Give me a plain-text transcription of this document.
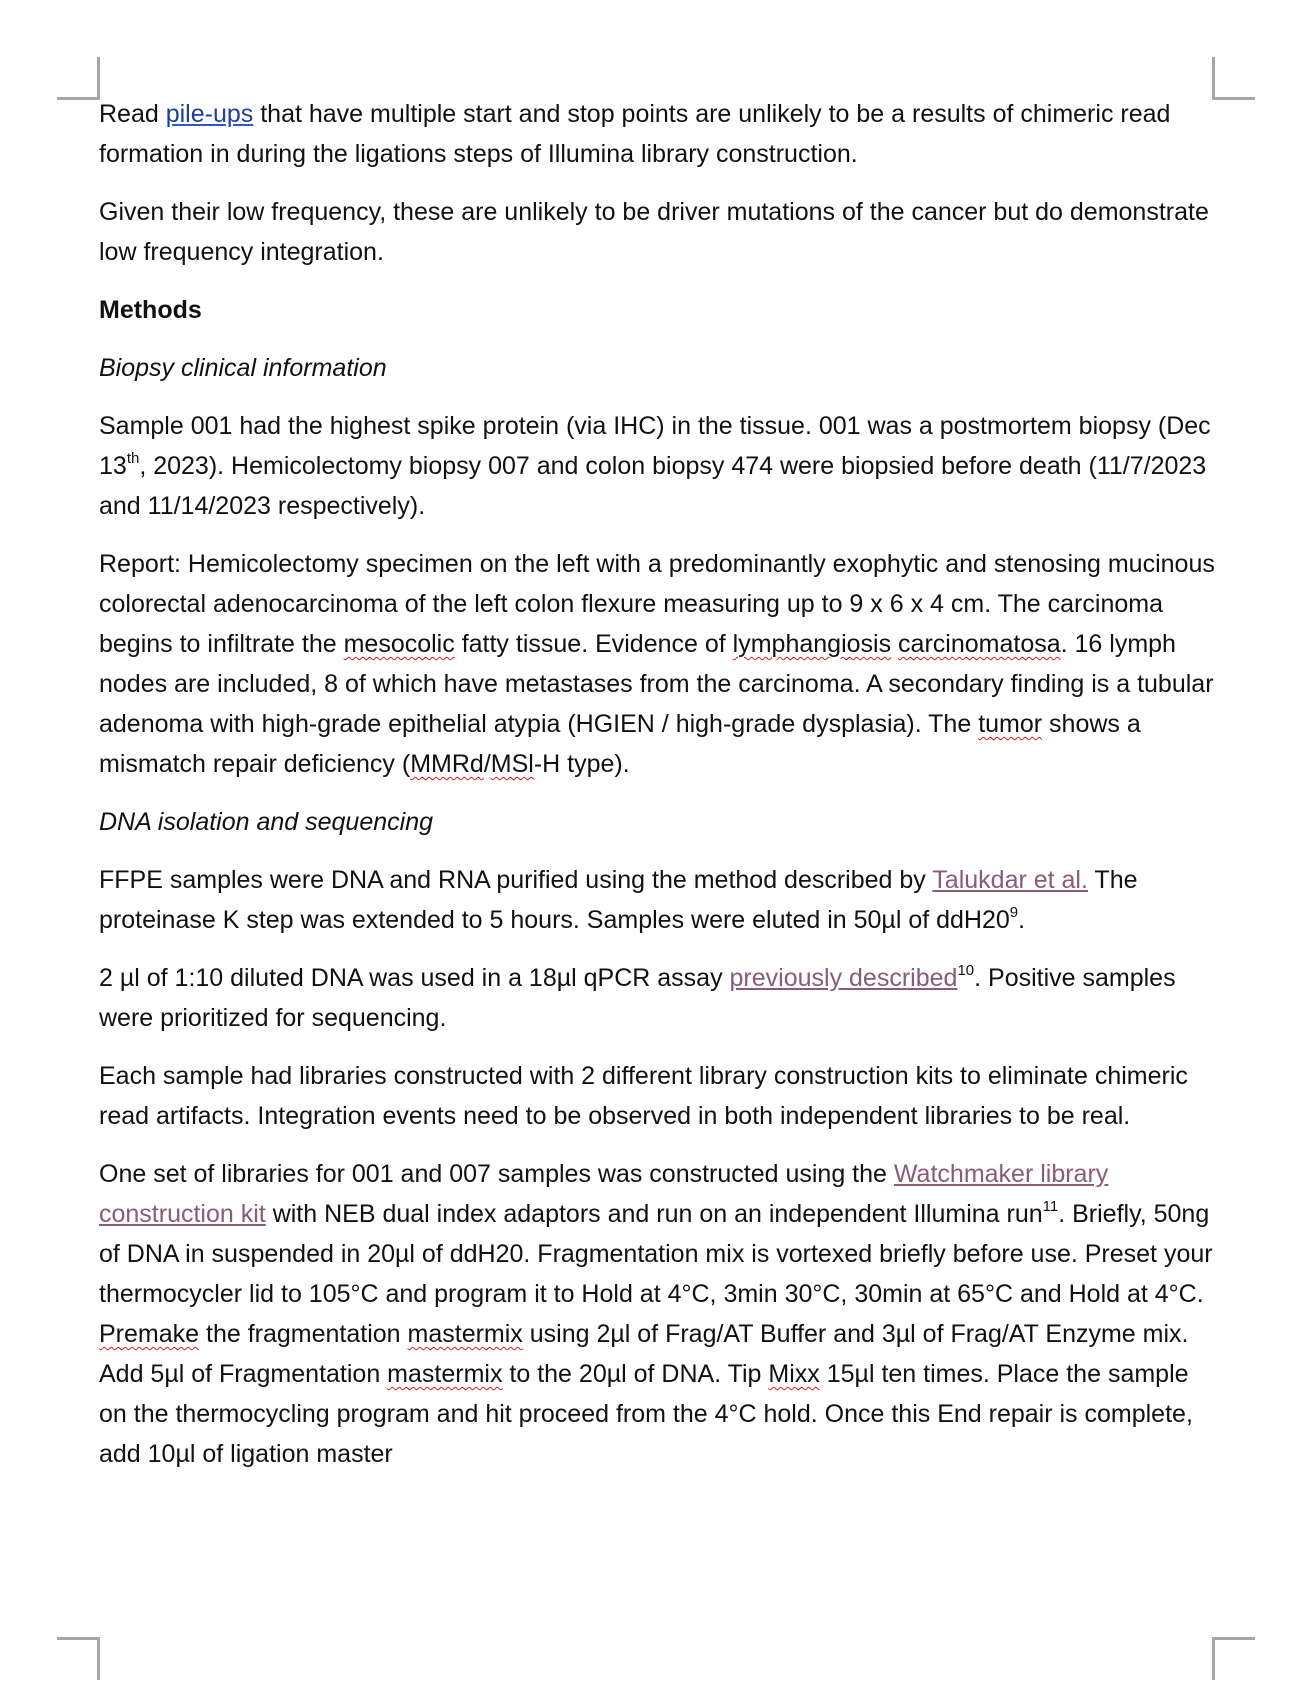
Read pile-ups that have multiple start and stop points are unlikely to be a results of chimeric read formation in during the ligations steps of Illumina library construction.

Given their low frequency, these are unlikely to be driver mutations of the cancer but do demonstrate low frequency integration.

Methods

Biopsy clinical information

Sample 001 had the highest spike protein (via IHC) in the tissue. 001 was a postmortem biopsy (Dec 13th, 2023). Hemicolectomy biopsy 007 and colon biopsy 474 were biopsied before death (11/7/2023 and 11/14/2023 respectively).

Report: Hemicolectomy specimen on the left with a predominantly exophytic and stenosing mucinous colorectal adenocarcinoma of the left colon flexure measuring up to 9 x 6 x 4 cm. The carcinoma begins to infiltrate the mesocolic fatty tissue. Evidence of lymphangiosis carcinomatosa. 16 lymph nodes are included, 8 of which have metastases from the carcinoma. A secondary finding is a tubular adenoma with high-grade epithelial atypia (HGIEN / high-grade dysplasia). The tumor shows a mismatch repair deficiency (MMRd/MSl-H type).

DNA isolation and sequencing

FFPE samples were DNA and RNA purified using the method described by Talukdar et al. The proteinase K step was extended to 5 hours. Samples were eluted in 50µl of $ddH20^9$.

2 µl of 1:10 diluted DNA was used in a 18µl qPCR assay previously described$^{10}$. Positive samples were prioritized for sequencing.

Each sample had libraries constructed with 2 different library construction kits to eliminate chimeric read artifacts. Integration events need to be observed in both independent libraries to be real.

One set of libraries for 001 and 007 samples was constructed using the Watchmaker library construction kit with NEB dual index adaptors and run on an independent Illumina run$^{11}$. Briefly, 50ng of DNA in suspended in 20µl of ddH20. Fragmentation mix is vortexed briefly before use. Preset your thermocycler lid to 105°C and program it to Hold at 4°C, 3min 30°C, 30min at 65°C and Hold at 4°C. Premake the fragmentation mastermix using 2µl of Frag/AT Buffer and 3µl of Frag/AT Enzyme mix. Add 5µl of Fragmentation mastermix to the 20µl of DNA. Tip Mixx 15µl ten times. Place the sample on the thermocycling program and hit proceed from the 4°C hold. Once this End repair is complete, add 10µl of ligation master
